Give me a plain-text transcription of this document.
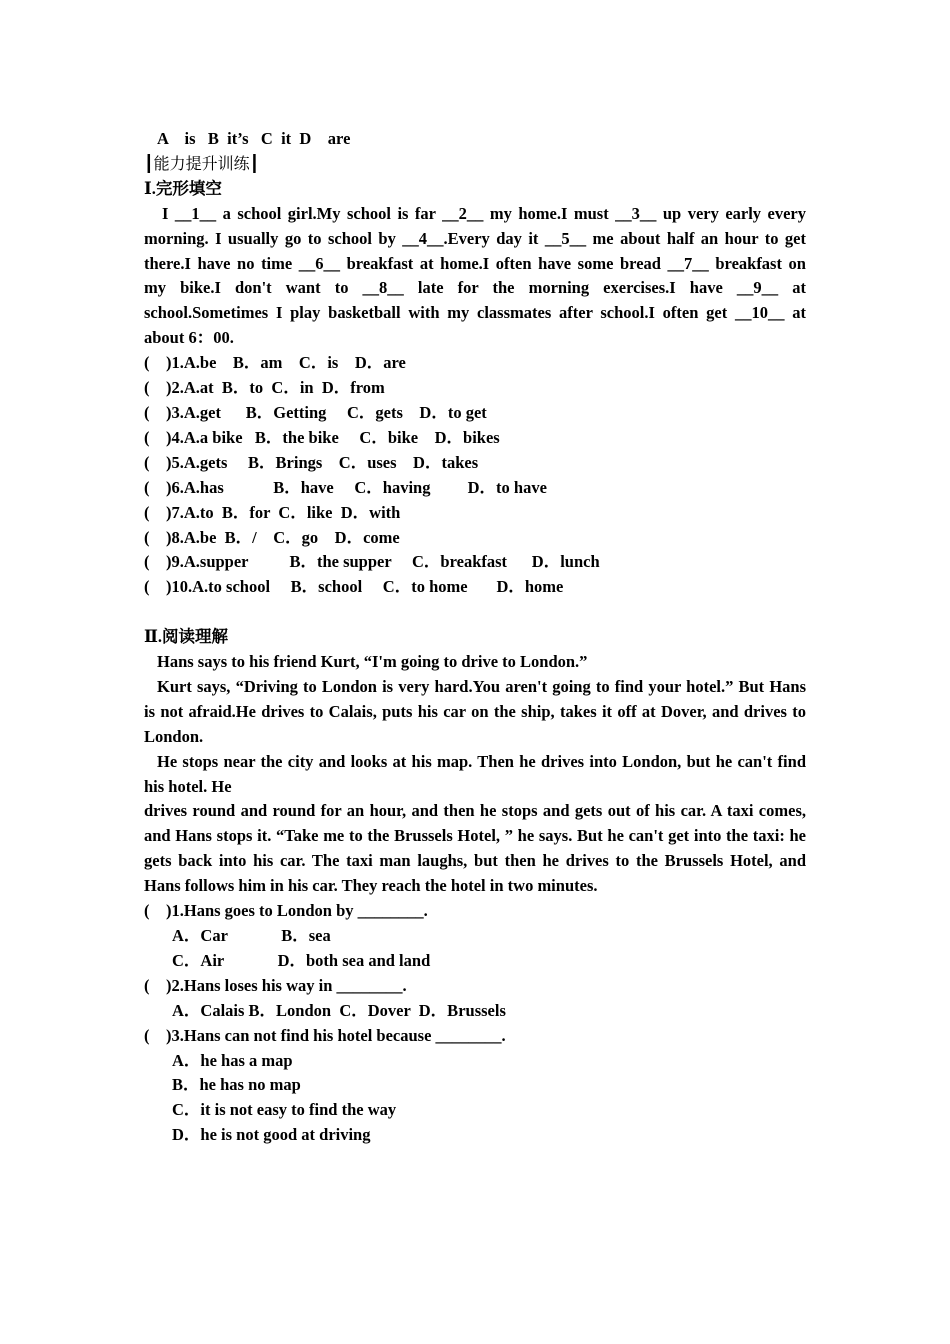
A    is   B  it’s   C  it  D    are

┃能力提升训练┃

Ⅰ.完形填空

I __1__ a school girl.My school is far __2__ my home.I must __3__ up very early every

morning. I usually go to school by __4__.Every day it __5__ me about half an hour to get

there.I have no time __6__ breakfast at home.I often have some bread __7__ breakfast on

my bike.I don't want to __8__ late for the morning exercises.I have __9__ at

school.Sometimes I play basketball with my classmates after school.I often get __10__ at

about 6：00.

(    )1.A.be    B．am    C．is    D．are

(    )2.A.at  B．to  C．in  D．from

(    )3.A.get      B．Getting     C．gets    D．to get

(    )4.A.a bike   B．the bike     C．bike    D．bikes

(    )5.A.gets     B．Brings    C．uses    D．takes

(    )6.A.has            B．have     C．having         D．to have

(    )7.A.to  B．for  C．like  D．with

(    )8.A.be  B．/    C．go    D．come

(    )9.A.supper          B．the supper     C．breakfast      D．lunch

(    )10.A.to school     B．school     C．to home       D．home

Ⅱ.阅读理解

Hans says to his friend Kurt, “I'm going to drive to London.”

Kurt says, “Driving to London is very hard.You aren't going to find your hotel.” But Hans

is not afraid.He drives to Calais, puts his car on the ship, takes it off at Dover, and drives to

London.

He stops near the city and looks at his map. Then he drives into London, but he can't find

his hotel. He

drives round and round for an hour, and then he stops and gets out of his car. A taxi comes,

and Hans stops it. “Take me to the Brussels Hotel, ” he says. But he can't get into the taxi: he

gets back into his car. The taxi man laughs, but then he drives to the Brussels Hotel, and

Hans follows him in his car. They reach the hotel in two minutes.

(    )1.Hans goes to London by ________.

A．Car             B．sea

C．Air             D．both sea and land

(    )2.Hans loses his way in ________.

A．Calais B．London  C．Dover  D．Brussels

(    )3.Hans can not find his hotel because ________.

A．he has a map

B．he has no map

C．it is not easy to find the way

D．he is not good at driving
